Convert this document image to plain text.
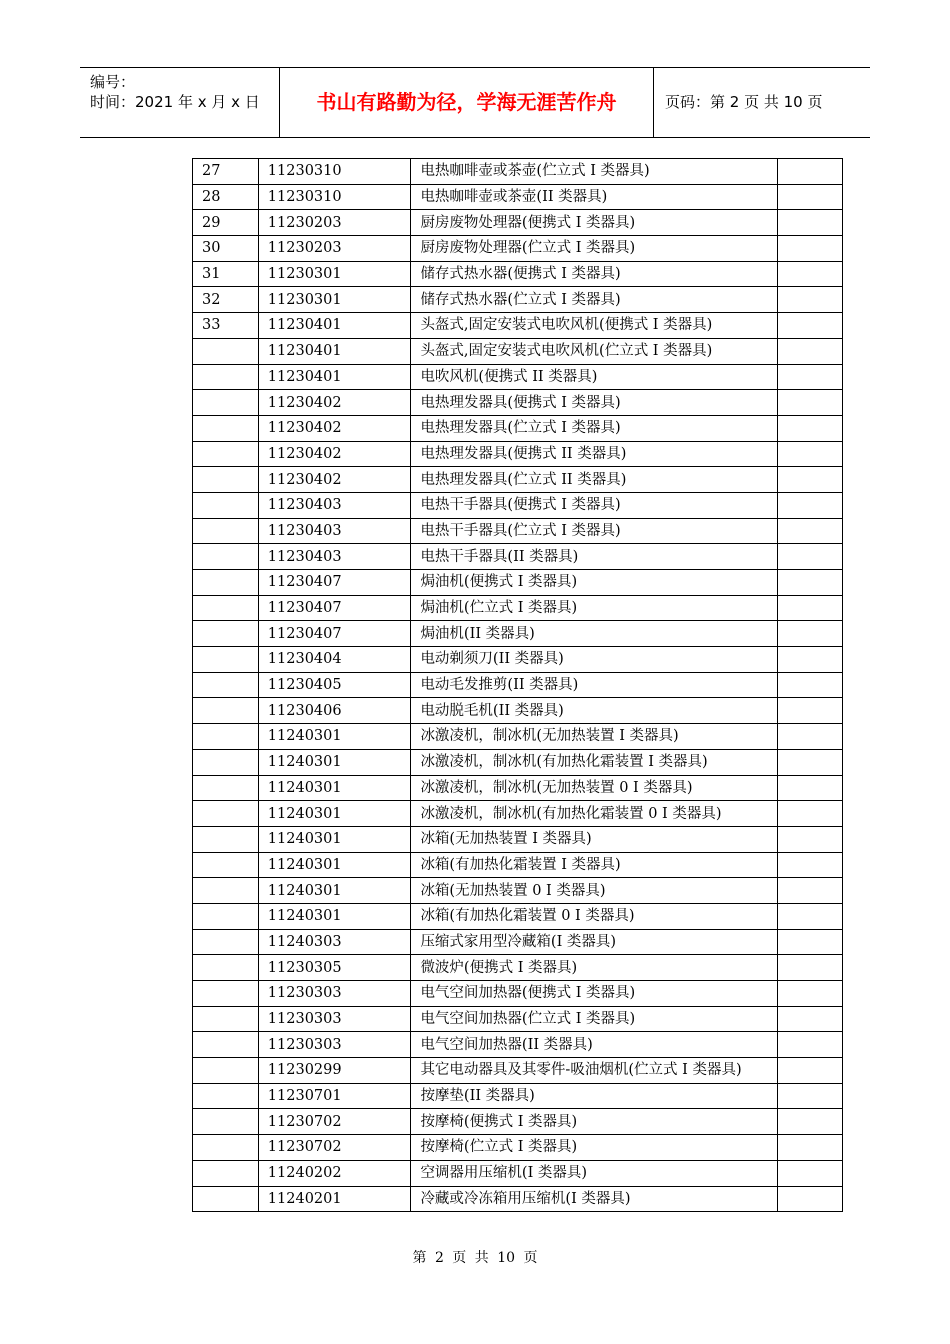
编号：
时间：2021 年 x 月 x 日	书山有路勤为径，学海无涯苦作舟	页码：第 2 页 共 10 页
27	11230310	电热咖啡壶或茶壶(伫立式 I 类器具)	
28	11230310	电热咖啡壶或茶壶(II 类器具)	
29	11230203	厨房废物处理器(便携式 I 类器具)	
30	11230203	厨房废物处理器(伫立式 I 类器具)	
31	11230301	储存式热水器(便携式 I 类器具)	
32	11230301	储存式热水器(伫立式 I 类器具)	
33	11230401	头盔式,固定安装式电吹风机(便携式 I 类器具)	
	11230401	头盔式,固定安装式电吹风机(伫立式 I 类器具)	
	11230401	电吹风机(便携式 II 类器具)	
	11230402	电热理发器具(便携式 I 类器具)	
	11230402	电热理发器具(伫立式 I 类器具)	
	11230402	电热理发器具(便携式 II 类器具)	
	11230402	电热理发器具(伫立式 II 类器具)	
	11230403	电热干手器具(便携式 I 类器具)	
	11230403	电热干手器具(伫立式 I 类器具)	
	11230403	电热干手器具(II 类器具)	
	11230407	焗油机(便携式 I 类器具)	
	11230407	焗油机(伫立式 I 类器具)	
	11230407	焗油机(II 类器具)	
	11230404	电动剃须刀(II 类器具)	
	11230405	电动毛发推剪(II 类器具)	
	11230406	电动脱毛机(II 类器具)	
	11240301	冰激凌机，制冰机(无加热装置 I 类器具)	
	11240301	冰激凌机，制冰机(有加热化霜装置 I 类器具)	
	11240301	冰激凌机，制冰机(无加热装置 0 I 类器具)	
	11240301	冰激凌机，制冰机(有加热化霜装置 0 I 类器具)	
	11240301	冰箱(无加热装置 I 类器具)	
	11240301	冰箱(有加热化霜装置 I 类器具)	
	11240301	冰箱(无加热装置 0 I 类器具)	
	11240301	冰箱(有加热化霜装置 0 I 类器具)	
	11240303	压缩式家用型冷藏箱(I 类器具)	
	11230305	微波炉(便携式 I 类器具)	
	11230303	电气空间加热器(便携式 I 类器具)	
	11230303	电气空间加热器(伫立式 I 类器具)	
	11230303	电气空间加热器(II 类器具)	
	11230299	其它电动器具及其零件-吸油烟机(伫立式 I 类器具)	
	11230701	按摩垫(II 类器具)	
	11230702	按摩椅(便携式 I 类器具)	
	11230702	按摩椅(伫立式 I 类器具)	
	11240202	空调器用压缩机(I 类器具)	
	11240201	冷藏或冷冻箱用压缩机(I 类器具)	
第 2 页 共 10 页
